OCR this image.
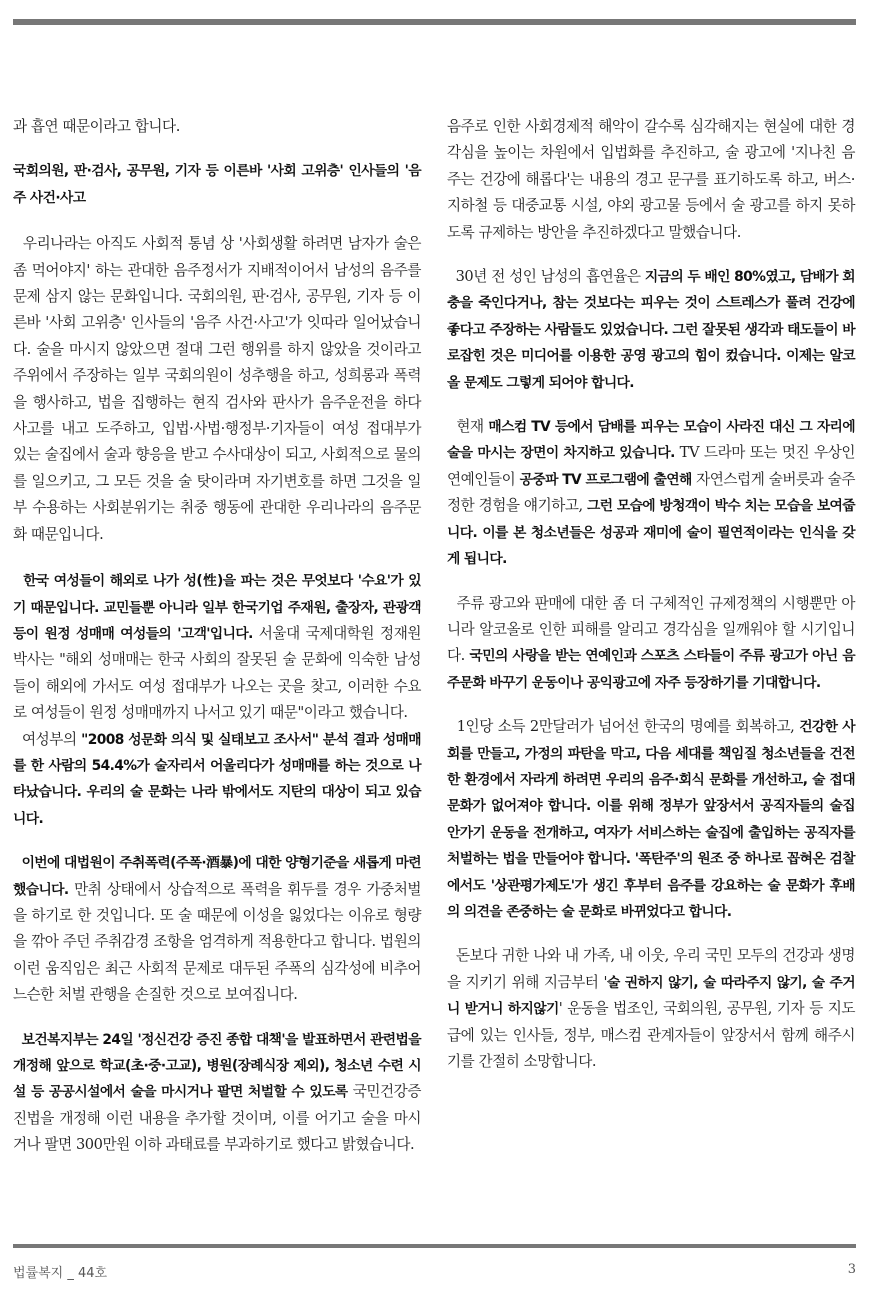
과 흡연 때문이라고 합니다.

국회의원, 판·검사, 공무원, 기자 등 이른바 '사회 고위층' 인사들의 '음주 사건·사고

우리나라는 아직도 사회적 통념 상 '사회생활 하려면 남자가 술은 좀 먹어야지' 하는 관대한 음주정서가 지배적이어서 남성의 음주를 문제 삼지 않는 문화입니다. 국회의원, 판·검사, 공무원, 기자 등 이른바 '사회 고위층' 인사들의 '음주 사건·사고'가 잇따라 일어났습니다. 술을 마시지 않았으면 절대 그런 행위를 하지 않았을 것이라고 주위에서 주장하는 일부 국회의원이 성추행을 하고, 성희롱과 폭력을 행사하고, 법을 집행하는 현직 검사와 판사가 음주운전을 하다 사고를 내고 도주하고, 입법·사법·행정부·기자들이 여성 접대부가 있는 술집에서 술과 향응을 받고 수사대상이 되고, 사회적으로 물의를 일으키고, 그 모든 것을 술 탓이라며 자기변호를 하면 그것을 일부 수용하는 사회분위기는 취중 행동에 관대한 우리나라의 음주문화 때문입니다.

한국 여성들이 해외로 나가 성(性)을 파는 것은 무엇보다 '수요'가 있기 때문입니다. 교민들뿐 아니라 일부 한국기업 주재원, 출장자, 관광객 등이 원정 성매매 여성들의 '고객'입니다. 서울대 국제대학원 정재원 박사는 "해외 성매매는 한국 사회의 잘못된 술 문화에 익숙한 남성들이 해외에 가서도 여성 접대부가 나오는 곳을 찾고, 이러한 수요로 여성들이 원정 성매매까지 나서고 있기 때문"이라고 했습니다.

여성부의 "2008 성문화 의식 및 실태보고 조사서" 분석 결과 성매매를 한 사람의 54.4%가 술자리서 어울리다가 성매매를 하는 것으로 나타났습니다. 우리의 술 문화는 나라 밖에서도 지탄의 대상이 되고 있습니다.

이번에 대법원이 주취폭력(주폭·酒暴)에 대한 양형기준을 새롭게 마련했습니다. 만취 상태에서 상습적으로 폭력을 휘두를 경우 가중처벌을 하기로 한 것입니다. 또 술 때문에 이성을 잃었다는 이유로 형량을 깎아 주던 주취감경 조항을 엄격하게 적용한다고 합니다. 법원의 이런 움직임은 최근 사회적 문제로 대두된 주폭의 심각성에 비추어 느슨한 처벌 관행을 손질한 것으로 보여집니다.

보건복지부는 24일 '정신건강 증진 종합 대책'을 발표하면서 관련법을 개정해 앞으로 학교(초·중·고교), 병원(장례식장 제외), 청소년 수련 시설 등 공공시설에서 술을 마시거나 팔면 처벌할 수 있도록 국민건강증진법을 개정해 이런 내용을 추가할 것이며, 이를 어기고 술을 마시거나 팔면 300만원 이하 과태료를 부과하기로 했다고 밝혔습니다.

음주로 인한 사회경제적 해악이 갈수록 심각해지는 현실에 대한 경각심을 높이는 차원에서 입법화를 추진하고, 술 광고에 '지나친 음주는 건강에 해롭다'는 내용의 경고 문구를 표기하도록 하고, 버스·지하철 등 대중교통 시설, 야외 광고물 등에서 술 광고를 하지 못하도록 규제하는 방안을 추진하겠다고 말했습니다.

30년 전 성인 남성의 흡연율은 지금의 두 배인 80%였고, 담배가 회충을 죽인다거나, 참는 것보다는 피우는 것이 스트레스가 풀려 건강에 좋다고 주장하는 사람들도 있었습니다. 그런 잘못된 생각과 태도들이 바로잡힌 것은 미디어를 이용한 공영 광고의 힘이 컸습니다. 이제는 알코올 문제도 그렇게 되어야 합니다.

현재 매스컴 TV 등에서 담배를 피우는 모습이 사라진 대신 그 자리에 술을 마시는 장면이 차지하고 있습니다. TV 드라마 또는 멋진 우상인 연예인들이 공중파 TV 프로그램에 출연해 자연스럽게 술버릇과 술주정한 경험을 얘기하고, 그런 모습에 방청객이 박수 치는 모습을 보여줍니다. 이를 본 청소년들은 성공과 재미에 술이 필연적이라는 인식을 갖게 됩니다.

주류 광고와 판매에 대한 좀 더 구체적인 규제정책의 시행뿐만 아니라 알코올로 인한 피해를 알리고 경각심을 일깨워야 할 시기입니다. 국민의 사랑을 받는 연예인과 스포츠 스타들이 주류 광고가 아닌 음주문화 바꾸기 운동이나 공익광고에 자주 등장하기를 기대합니다.

1인당 소득 2만달러가 넘어선 한국의 명예를 회복하고, 건강한 사회를 만들고, 가정의 파탄을 막고, 다음 세대를 책임질 청소년들을 건전한 환경에서 자라게 하려면 우리의 음주·회식 문화를 개선하고, 술 접대 문화가 없어져야 합니다. 이를 위해 정부가 앞장서서 공직자들의 술집 안가기 운동을 전개하고, 여자가 서비스하는 술집에 출입하는 공직자를 처벌하는 법을 만들어야 합니다. '폭탄주'의 원조 중 하나로 꼽혀온 검찰에서도 '상관평가제도'가 생긴 후부터 음주를 강요하는 술 문화가 후배의 의견을 존중하는 술 문화로 바뀌었다고 합니다.

돈보다 귀한 나와 내 가족, 내 이웃, 우리 국민 모두의 건강과 생명을 지키기 위해 지금부터 '술 권하지 않기, 술 따라주지 않기, 술 주거니 받거니 하지않기' 운동을 법조인, 국회의원, 공무원, 기자 등 지도급에 있는 인사들, 정부, 매스컴 관계자들이 앞장서서 함께 해주시기를 간절히 소망합니다.

법률복지 _ 44호	3
